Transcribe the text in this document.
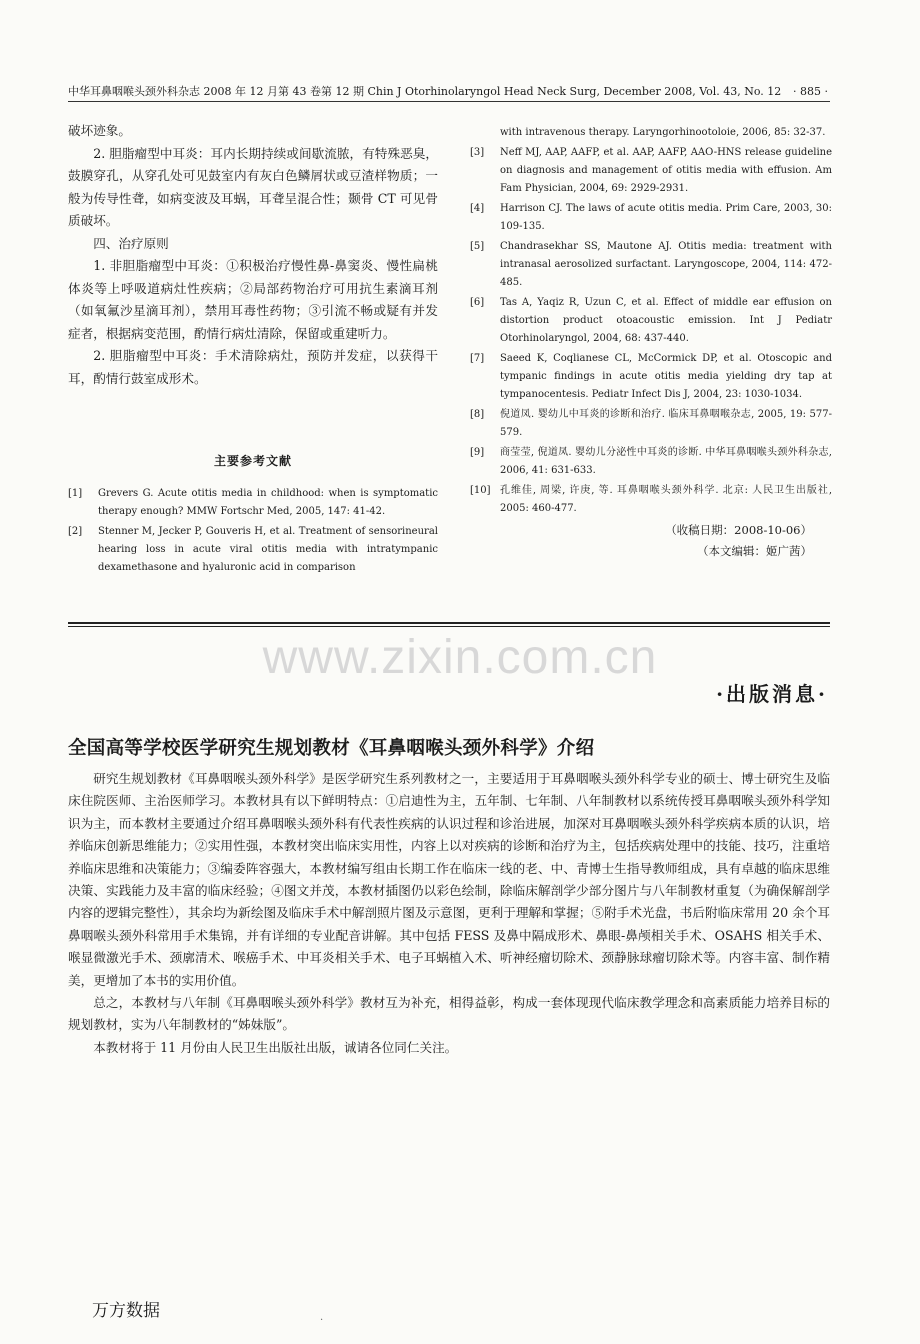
中华耳鼻咽喉头颈外科杂志 2008 年 12 月第 43 卷第 12 期 Chin J Otorhinolaryngol Head Neck Surg, December 2008, Vol. 43, No. 12 · 885 ·

破坏迹象。

2. 胆脂瘤型中耳炎：耳内长期持续或间歇流脓，有特殊恶臭，鼓膜穿孔，从穿孔处可见鼓室内有灰白色鳞屑状或豆渣样物质；一般为传导性聋，如病变波及耳蜗，耳聋呈混合性；颞骨 CT 可见骨质破坏。

四、治疗原则

1. 非胆脂瘤型中耳炎：①积极治疗慢性鼻-鼻窦炎、慢性扁桃体炎等上呼吸道病灶性疾病；②局部药物治疗可用抗生素滴耳剂（如氧氟沙星滴耳剂），禁用耳毒性药物；③引流不畅或疑有并发症者，根据病变范围，酌情行病灶清除，保留或重建听力。

2. 胆脂瘤型中耳炎：手术清除病灶，预防并发症，以获得干耳，酌情行鼓室成形术。

主要参考文献
[1]	Grevers G. Acute otitis media in childhood: when is symptomatic therapy enough? MMW Fortschr Med, 2005, 147: 41-42.
[2]	Stenner M, Jecker P, Gouveris H, et al. Treatment of sensorineural hearing loss in acute viral otitis media with intratympanic dexamethasone and hyaluronic acid in comparison
with intravenous therapy. Laryngorhinootoloie, 2006, 85: 32-37.
[3]	Neff MJ, AAP, AAFP, et al. AAP, AAFP, AAO-HNS release guideline on diagnosis and management of otitis media with effusion. Am Fam Physician, 2004, 69: 2929-2931.
[4]	Harrison CJ. The laws of acute otitis media. Prim Care, 2003, 30: 109-135.
[5]	Chandrasekhar SS, Mautone AJ. Otitis media: treatment with intranasal aerosolized surfactant. Laryngoscope, 2004, 114: 472-485.
[6]	Tas A, Yaqiz R, Uzun C, et al. Effect of middle ear effusion on distortion product otoacoustic emission. Int J Pediatr Otorhinolaryngol, 2004, 68: 437-440.
[7]	Saeed K, Coqlianese CL, McCormick DP, et al. Otoscopic and tympanic findings in acute otitis media yielding dry tap at tympanocentesis. Pediatr Infect Dis J, 2004, 23: 1030-1034.
[8]	倪道凤. 婴幼儿中耳炎的诊断和治疗. 临床耳鼻咽喉杂志, 2005, 19: 577-579.
[9]	商莹莹, 倪道凤. 婴幼儿分泌性中耳炎的诊断. 中华耳鼻咽喉头颈外科杂志, 2006, 41: 631-633.
[10] 孔维佳, 周梁, 许庚, 等. 耳鼻咽喉头颈外科学. 北京: 人民卫生出版社, 2005: 460-477.
（收稿日期：2008-10-06）
（本文编辑：姬广茜）
www.zixin.com.cn
·出版消息·
全国高等学校医学研究生规划教材《耳鼻咽喉头颈外科学》介绍

研究生规划教材《耳鼻咽喉头颈外科学》是医学研究生系列教材之一，主要适用于耳鼻咽喉头颈外科学专业的硕士、博士研究生及临床住院医师、主治医师学习。本教材具有以下鲜明特点：①启迪性为主，五年制、七年制、八年制教材以系统传授耳鼻咽喉头颈外科学知识为主，而本教材主要通过介绍耳鼻咽喉头颈外科有代表性疾病的认识过程和诊治进展，加深对耳鼻咽喉头颈外科学疾病本质的认识，培养临床创新思维能力；②实用性强，本教材突出临床实用性，内容上以对疾病的诊断和治疗为主，包括疾病处理中的技能、技巧，注重培养临床思维和决策能力；③编委阵容强大，本教材编写组由长期工作在临床一线的老、中、青博士生指导教师组成，具有卓越的临床思维决策、实践能力及丰富的临床经验；④图文并茂，本教材插图仍以彩色绘制，除临床解剖学少部分图片与八年制教材重复（为确保解剖学内容的逻辑完整性），其余均为新绘图及临床手术中解剖照片图及示意图，更利于理解和掌握；⑤附手术光盘，书后附临床常用 20 余个耳鼻咽喉头颈外科常用手术集锦，并有详细的专业配音讲解。其中包括 FESS 及鼻中隔成形术、鼻眼-鼻颅相关手术、OSAHS 相关手术、喉显微激光手术、颈廓清术、喉癌手术、中耳炎相关手术、电子耳蜗植入术、听神经瘤切除术、颈静脉球瘤切除术等。内容丰富、制作精美，更增加了本书的实用价值。

总之，本教材与八年制《耳鼻咽喉头颈外科学》教材互为补充，相得益彰，构成一套体现现代临床教学理念和高素质能力培养目标的规划教材，实为八年制教材的“姊妹版”。

本教材将于 11 月份由人民卫生出版社出版，诚请各位同仁关注。

万方数据	.
